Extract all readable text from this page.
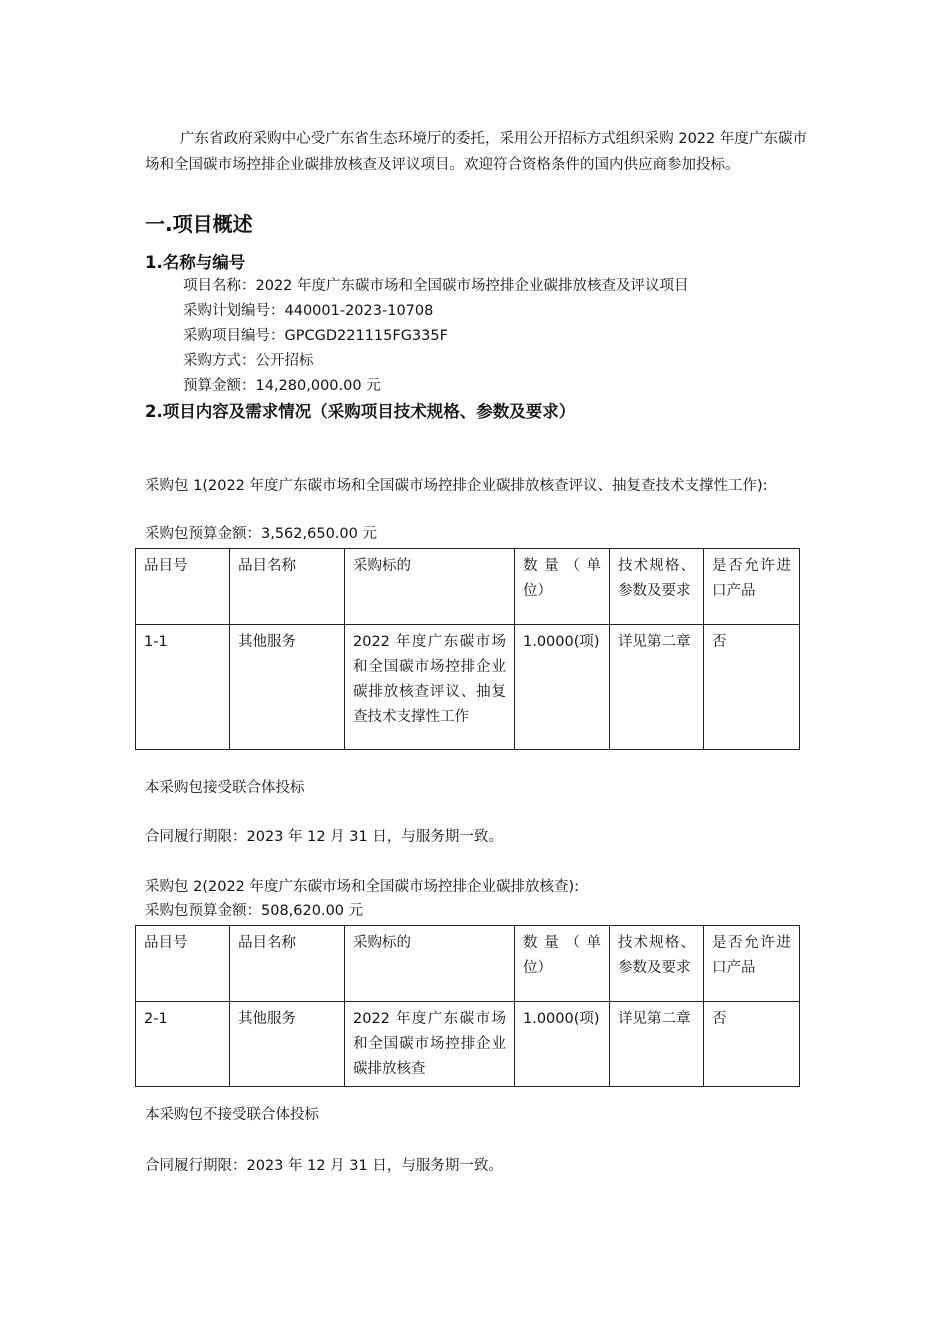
广东省政府采购中心受广东省生态环境厅的委托，采用公开招标方式组织采购 2022 年度广东碳市场和全国碳市场控排企业碳排放核查及评议项目。欢迎符合资格条件的国内供应商参加投标。
一.项目概述
1.名称与编号
项目名称：2022 年度广东碳市场和全国碳市场控排企业碳排放核查及评议项目
采购计划编号：440001-2023-10708
采购项目编号：GPCGD221115FG335F
采购方式：公开招标
预算金额：14,280,000.00 元
2.项目内容及需求情况（采购项目技术规格、参数及要求）
采购包 1(2022 年度广东碳市场和全国碳市场控排企业碳排放核查评议、抽复查技术支撑性工作):
采购包预算金额：3,562,650.00 元
品目号	品目名称	采购标的	数量（单位）	技术规格、参数及要求	是否允许进口产品
1-1	其他服务	2022 年度广东碳市场和全国碳市场控排企业碳排放核查评议、抽复查技术支撑性工作	1.0000(项)	详见第二章	否
本采购包接受联合体投标
合同履行期限：2023 年 12 月 31 日，与服务期一致。
采购包 2(2022 年度广东碳市场和全国碳市场控排企业碳排放核查):
采购包预算金额：508,620.00 元
品目号	品目名称	采购标的	数量（单位）	技术规格、参数及要求	是否允许进口产品
2-1	其他服务	2022 年度广东碳市场和全国碳市场控排企业碳排放核查	1.0000(项)	详见第二章	否
本采购包不接受联合体投标
合同履行期限：2023 年 12 月 31 日，与服务期一致。
